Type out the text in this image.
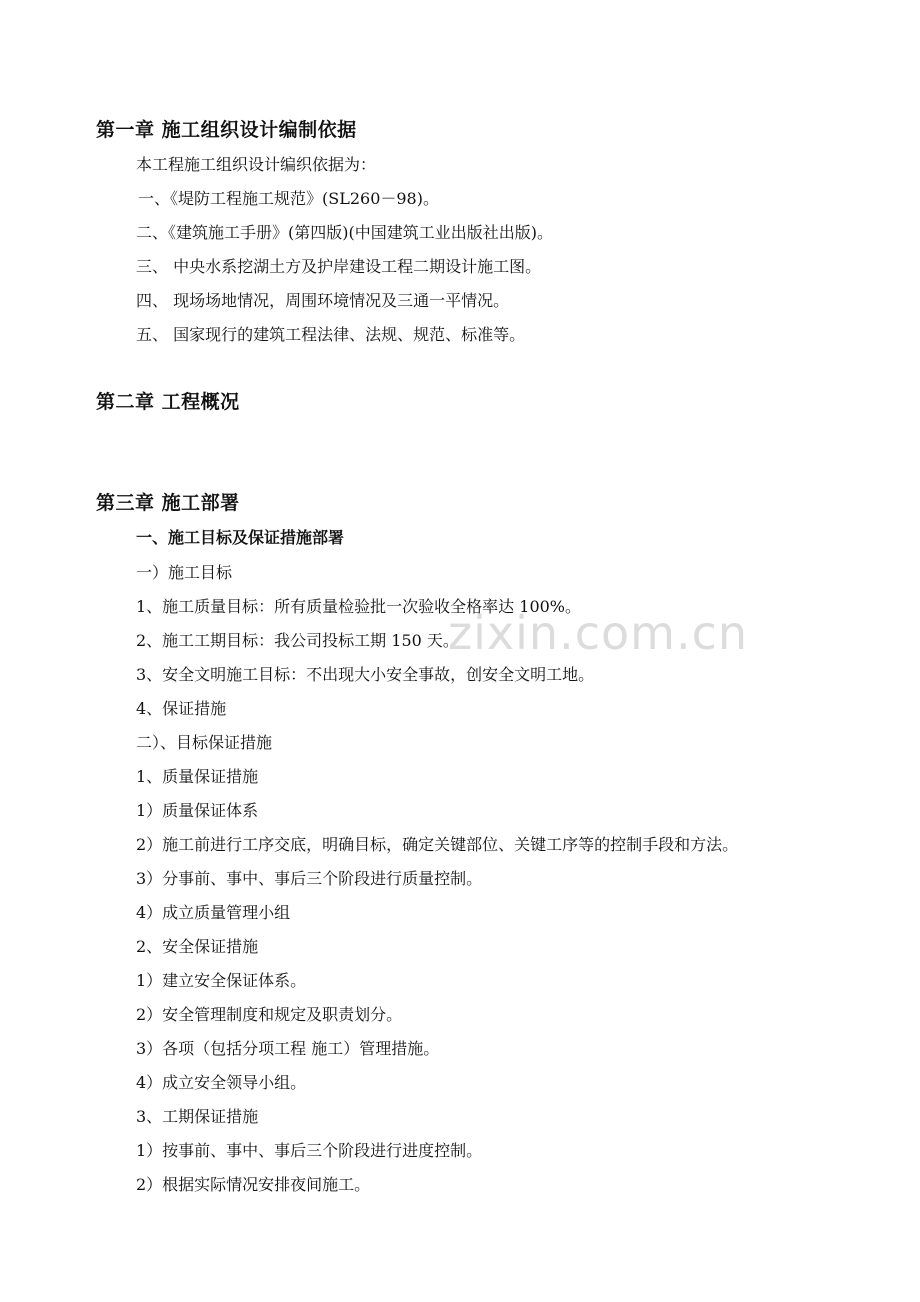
第一章 施工组织设计编制依据
本工程施工组织设计编织依据为：
一、《堤防工程施工规范》(SL260－98)。
二、《建筑施工手册》(第四版)(中国建筑工业出版社出版)。
三、 中央水系挖湖土方及护岸建设工程二期设计施工图。
四、 现场场地情况，周围环境情况及三通一平情况。
五、 国家现行的建筑工程法律、法规、规范、标准等。
第二章 工程概况
第三章 施工部署
一、施工目标及保证措施部署
一）施工目标
1、施工质量目标：所有质量检验批一次验收全格率达 100%。
2、施工工期目标：我公司投标工期 150 天。
3、安全文明施工目标：不出现大小安全事故，创安全文明工地。
4、保证措施
二）、目标保证措施
1、质量保证措施
1）质量保证体系
2）施工前进行工序交底，明确目标，确定关键部位、关键工序等的控制手段和方法。
3）分事前、事中、事后三个阶段进行质量控制。
4）成立质量管理小组
2、安全保证措施
1）建立安全保证体系。
2）安全管理制度和规定及职责划分。
3）各项（包括分项工程 施工）管理措施。
4）成立安全领导小组。
3、工期保证措施
1）按事前、事中、事后三个阶段进行进度控制。
2）根据实际情况安排夜间施工。
zixin.com.cn
